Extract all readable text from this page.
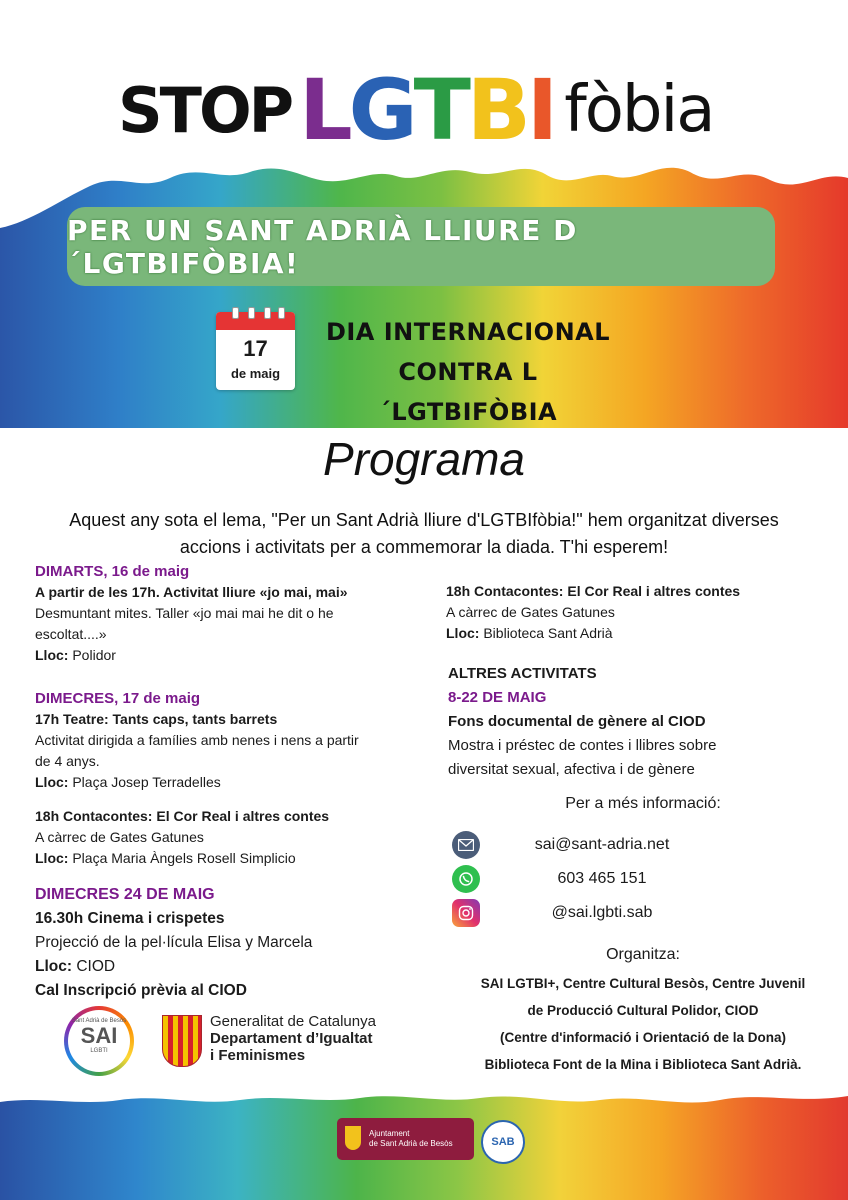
STOP L G T B I fòbia
PER UN SANT ADRIÀ LLIURE D´LGTBIFÒBIA!
17
de maig
DIA INTERNACIONAL
CONTRA L´LGTBIFÒBIA
Programa
Aquest any sota el lema, "Per un Sant Adrià lliure d'LGTBIfòbia!" hem organitzat diverses
accions i activitats per a commemorar la diada. T'hi esperem!

DIMARTS, 16 de maig

A partir de les 17h. Activitat lliure «jo mai, mai»

Desmuntant mites. Taller «jo mai mai he dit o he

escoltat....»

Lloc: Polidor

DIMECRES, 17 de maig

17h Teatre: Tants caps, tants barrets

Activitat dirigida a famílies amb nenes i nens a partir

de 4 anys.

Lloc: Plaça Josep Terradelles

18h Contacontes: El Cor Real i altres contes

A càrrec de Gates Gatunes

Lloc: Plaça Maria Àngels Rosell Simplicio

DIMECRES 24 DE MAIG

16.30h Cinema i crispetes

Projecció de la pel·lícula Elisa y Marcela

Lloc: CIOD

Cal Inscripció prèvia al CIOD

18h Contacontes: El Cor Real i altres contes

A càrrec de Gates Gatunes

Lloc: Biblioteca Sant Adrià

ALTRES ACTIVITATS

8-22 DE MAIG

Fons documental de gènere al CIOD

Mostra i préstec de contes i llibres sobre

diversitat sexual, afectiva i de gènere

Per a més informació:
sai@sant-adria.net
603 465 151
@sai.lgbti.sab
Organitza:
SAI LGTBI+, Centre Cultural Besòs, Centre Juvenil
de Producció Cultural Polidor, CIOD
(Centre d'informació i Orientació de la Dona)
Biblioteca Font de la Mina i Biblioteca Sant Adrià.
Sant Adrià de Besòs
SAI
LGBTI
Generalitat de Catalunya
Departament d’Igualtat
i Feminismes
Ajuntament
de Sant Adrià de Besòs	SAB
